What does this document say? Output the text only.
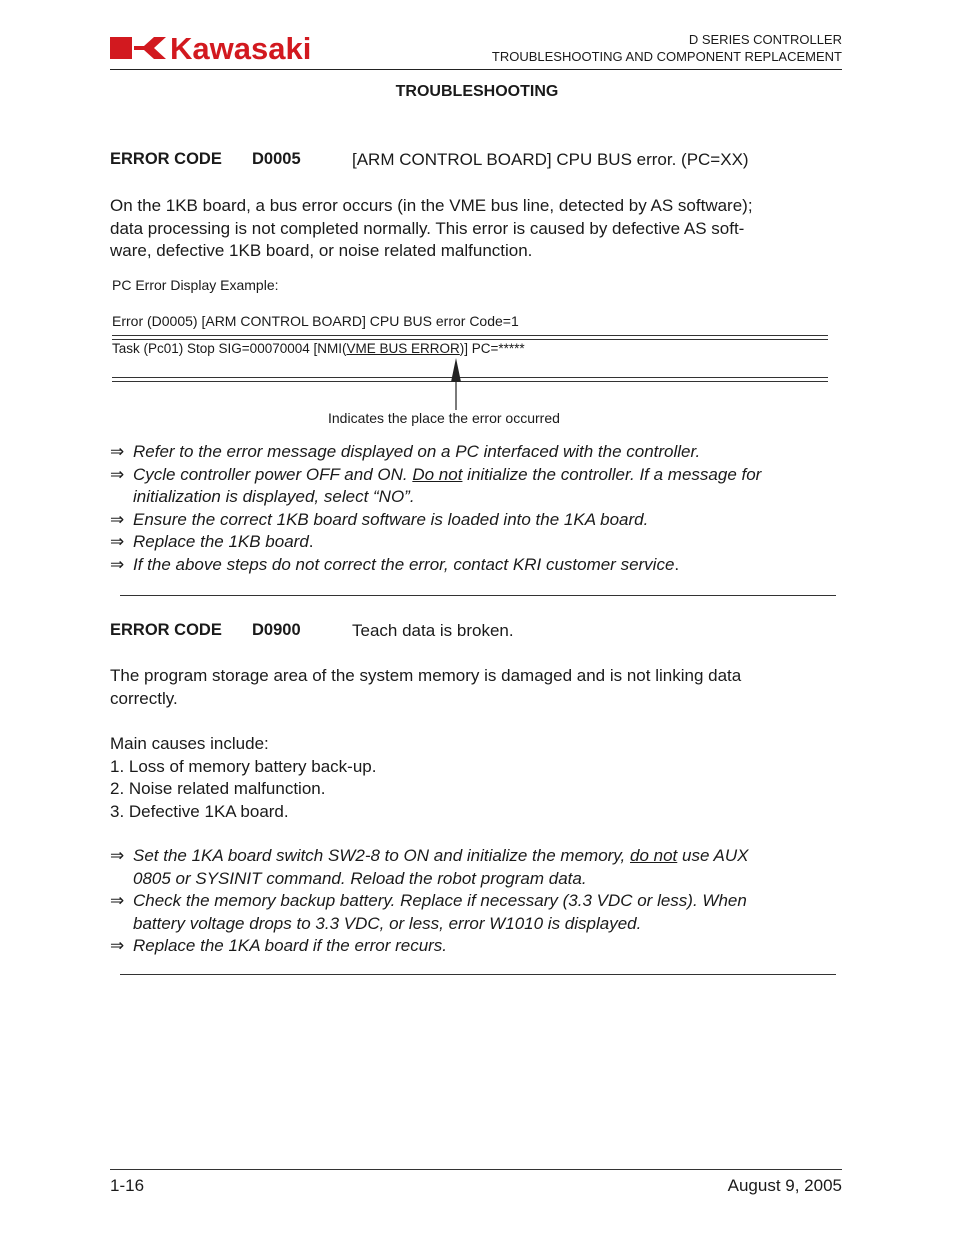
Kawasaki	D SERIES CONTROLLER
TROUBLESHOOTING AND COMPONENT REPLACEMENT
TROUBLESHOOTING
ERROR CODE D0005	[ARM CONTROL BOARD] CPU BUS error. (PC=XX)
On the 1KB board, a bus error occurs (in the VME bus line, detected by AS software);
data processing is not completed normally. This error is caused by defective AS soft-
ware, defective 1KB board, or noise related malfunction.
PC Error Display Example:
Error (D0005) [ARM CONTROL BOARD] CPU BUS error Code=1
Task (Pc01) Stop SIG=00070004 [NMI(VME BUS ERROR)] PC=*****
Indicates the place the error occurred
⇒ Refer to the error message displayed on a PC interfaced with the controller.
⇒ Cycle controller power OFF and ON. Do not initialize the controller. If a message for
initialization is displayed, select “NO”.
⇒ Ensure the correct 1KB board software is loaded into the 1KA board.
⇒ Replace the 1KB board.
⇒ If the above steps do not correct the error, contact KRI customer service.
ERROR CODE D0900	Teach data is broken.
The program storage area of the system memory is damaged and is not linking data
correctly.
Main causes include:
1. Loss of memory battery back-up.
2. Noise related malfunction.
3. Defective 1KA board.
⇒ Set the 1KA board switch SW2-8 to ON and initialize the memory, do not use AUX
0805 or SYSINIT command. Reload the robot program data.
⇒ Check the memory backup battery. Replace if necessary (3.3 VDC or less). When
battery voltage drops to 3.3 VDC, or less, error W1010 is displayed.
⇒ Replace the 1KA board if the error recurs.
1-16	August 9, 2005
